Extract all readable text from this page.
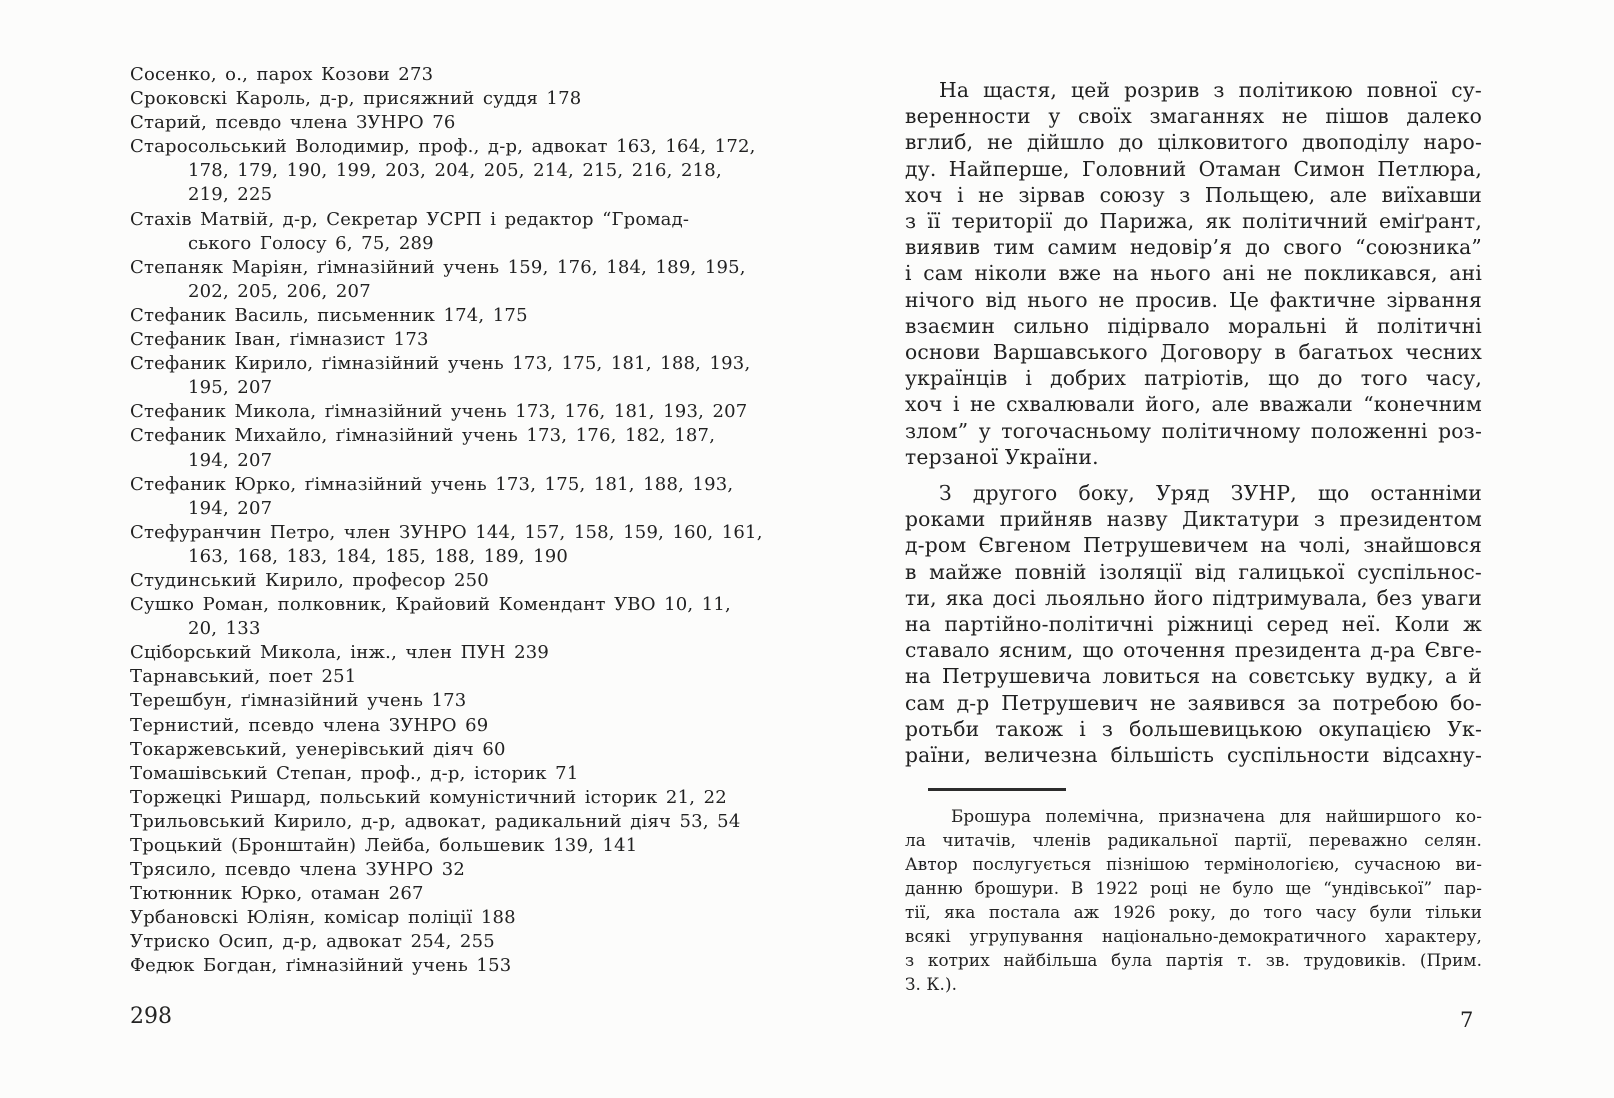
Сосенко, о., парох Козови 273
Сроковскі Кароль, д-р, присяжний суддя 178
Старий, псевдо члена ЗУНРО 76
Старосольський Володимир, проф., д-р, адвокат 163, 164, 172,
178, 179, 190, 199, 203, 204, 205, 214, 215, 216, 218,
219, 225
Стахів Матвій, д-р, Секретар УСРП і редактор “Громад-
ського Голосу 6, 75, 289
Степаняк Маріян, ґімназійний учень 159, 176, 184, 189, 195,
202, 205, 206, 207
Стефаник Василь, письменник 174, 175
Стефаник Іван, ґімназист 173
Стефаник Кирило, ґімназійний учень 173, 175, 181, 188, 193,
195, 207
Стефаник Микола, ґімназійний учень 173, 176, 181, 193, 207
Стефаник Михайло, ґімназійний учень 173, 176, 182, 187,
194, 207
Стефаник Юрко, ґімназійний учень 173, 175, 181, 188, 193,
194, 207
Стефуранчин Петро, член ЗУНРО 144, 157, 158, 159, 160, 161,
163, 168, 183, 184, 185, 188, 189, 190
Студинський Кирило, професор 250
Сушко Роман, полковник, Крайовий Комендант УВО 10, 11,
20, 133
Сціборський Микола, інж., член ПУН 239
Тарнавський, поет 251
Терешбун, ґімназійний учень 173
Тернистий, псевдо члена ЗУНРО 69
Токаржевський, уенерівський діяч 60
Томашівський Степан, проф., д-р, історик 71
Торжецкі Ришард, польський комуністичний історик 21, 22
Трильовський Кирило, д-р, адвокат, радикальний діяч 53, 54
Троцький (Бронштайн) Лейба, большевик 139, 141
Трясило, псевдо члена ЗУНРО 32
Тютюнник Юрко, отаман 267
Урбановскі Юліян, комісар поліції 188
Утриско Осип, д-р, адвокат 254, 255
Федюк Богдан, ґімназійний учень 153
298
На щастя, цей розрив з політикою повної су-
веренности у своїх змаганнях не пішов далеко
вглиб, не дійшло до цілковитого двоподілу наро-
ду. Найперше, Головний Отаман Симон Петлюра,
хоч і не зірвав союзу з Польщею, але виїхавши
з її території до Парижа, як політичний еміґрант,
виявив тим самим недовір’я до свого “союзника”
і сам ніколи вже на нього ані не покликався, ані
нічого від нього не просив. Це фактичне зірвання
взаємин сильно підірвало моральні й політичні
основи Варшавського Договору в багатьох чесних
українців і добрих патріотів, що до того часу,
хоч і не схвалювали його, але вважали “конечним
злом” у тогочасньому політичному положенні роз-
терзаної України.
З другого боку, Уряд ЗУНР, що останніми
роками прийняв назву Диктатури з президентом
д-ром Євгеном Петрушевичем на чолі, знайшовся
в майже повній ізоляції від галицької суспільнос-
ти, яка досі льояльно його підтримувала, без уваги
на партійно-політичні ріжниці серед неї. Коли ж
ставало ясним, що оточення президента д-ра Євге-
на Петрушевича ловиться на совєтську вудку, а й
сам д-р Петрушевич не заявився за потребою бо-
ротьби також і з большевицькою окупацією Ук-
раїни, величезна більшість суспільности відсахну-
Брошура полемічна, призначена для найширшого ко-
ла читачів, членів радикальної партії, переважно селян.
Автор послугується пізнішою термінологією, сучасною ви-
данню брошури. В 1922 році не було ще “ундівської” пар-
тії, яка постала аж 1926 року, до того часу були тільки
всякі угрупування національно-демократичного характеру,
з котрих найбільша була партія т. зв. трудовиків. (Прим.
З. К.).
7
